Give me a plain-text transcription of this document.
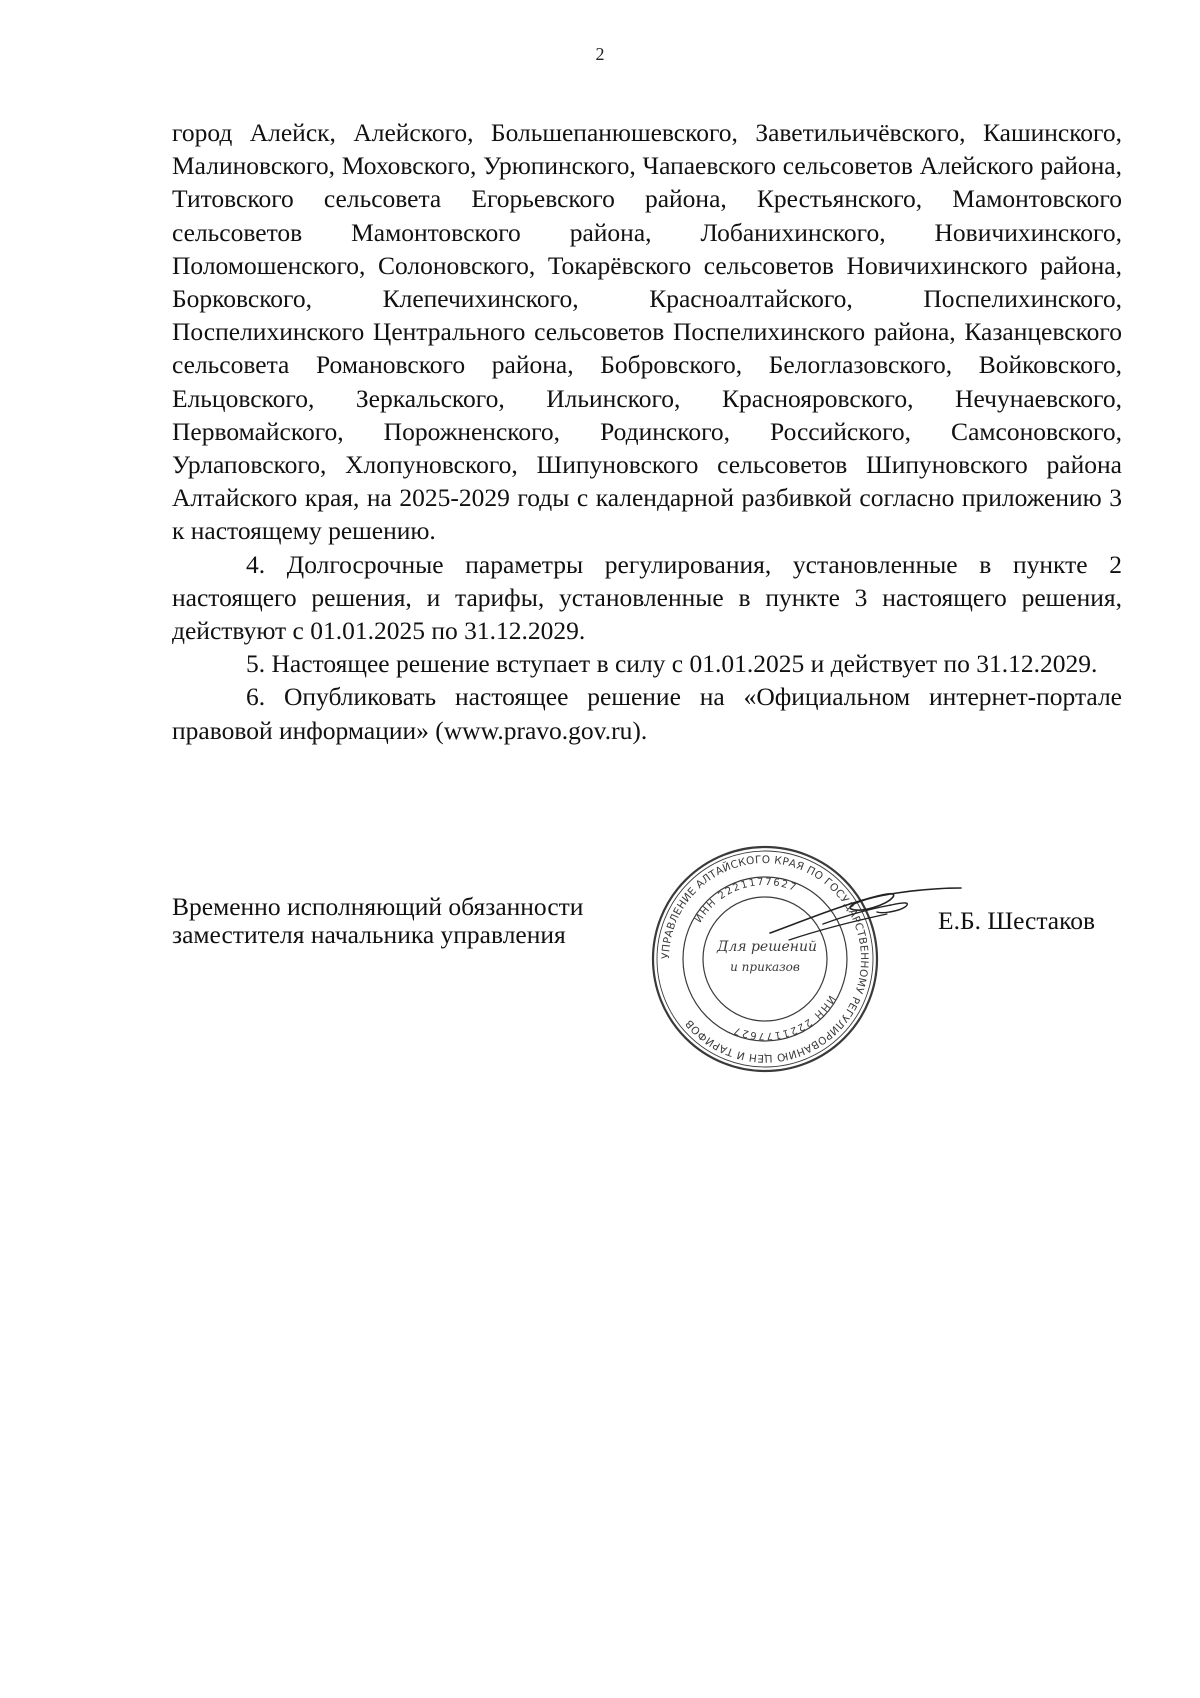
2

город Алейск, Алейского, Большепанюшевского, Заветильичёвского, Кашинского, Малиновского, Моховского, Урюпинского, Чапаевского сельсоветов Алейского района, Титовского сельсовета Егорьевского района, Крестьянского, Мамонтовского сельсоветов Мамонтовского района, Лобанихинского, Новичихинского, Поломошенского, Солоновского, Токарёвского сельсоветов Новичихинского района, Борковского, Клепечихинского, Красноалтайского, Поспелихинского, Поспелихинского Центрального сельсоветов Поспелихинского района, Казанцевского сельсовета Романовского района, Бобровского, Белоглазовского, Войковского, Ельцовского, Зеркальского, Ильинского, Краснояровского, Нечунаевского, Первомайского, Порожненского, Родинского, Российского, Самсоновского, Урлаповского, Хлопуновского, Шипуновского сельсоветов Шипуновского района Алтайского края, на 2025-2029 годы с календарной разбивкой согласно приложению 3 к настоящему решению.

4. Долгосрочные параметры регулирования, установленные в пункте 2 настоящего решения, и тарифы, установленные в пункте 3 настоящего решения, действуют с 01.01.2025 по 31.12.2029.

5. Настоящее решение вступает в силу с 01.01.2025 и действует по 31.12.2029.

6. Опубликовать настоящее решение на «Официальном интернет-портале правовой информации» (www.pravo.gov.ru).

Временно исполняющий обязанности
заместителя начальника управления	Е.Б. Шестаков
УПРАВЛЕНИЕ АЛТАЙСКОГО КРАЯ ПО ГОСУДАРСТВЕННОМУ РЕГУЛИРОВАНИЮ ЦЕН И ТАРИФОВ
ИНН 2221177627
ИНН 2221177627
Для решений
и приказов
